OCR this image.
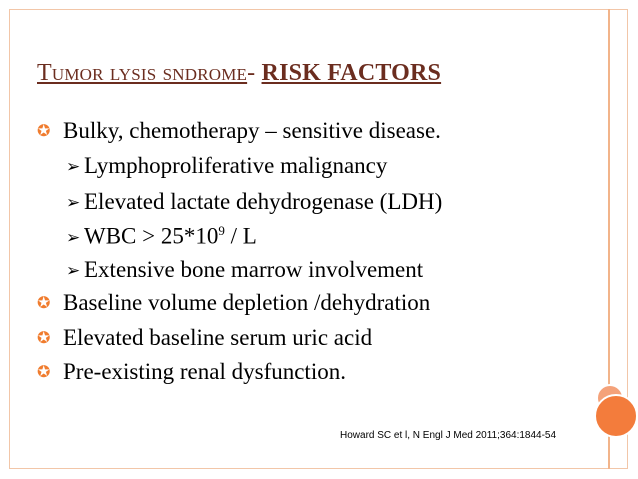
Tumor lysis sndrome- RISK FACTORS
✪ Bulky, chemotherapy – sensitive disease.
➢ Lymphoproliferative malignancy
➢ Elevated lactate dehydrogenase (LDH)
➢ WBC > $25*10^9$ / L
➢ Extensive bone marrow involvement
✪ Baseline volume depletion /dehydration
✪ Elevated baseline serum uric acid
✪ Pre-existing renal dysfunction.
Howard SC et l, N Engl J Med 2011;364:1844-54
